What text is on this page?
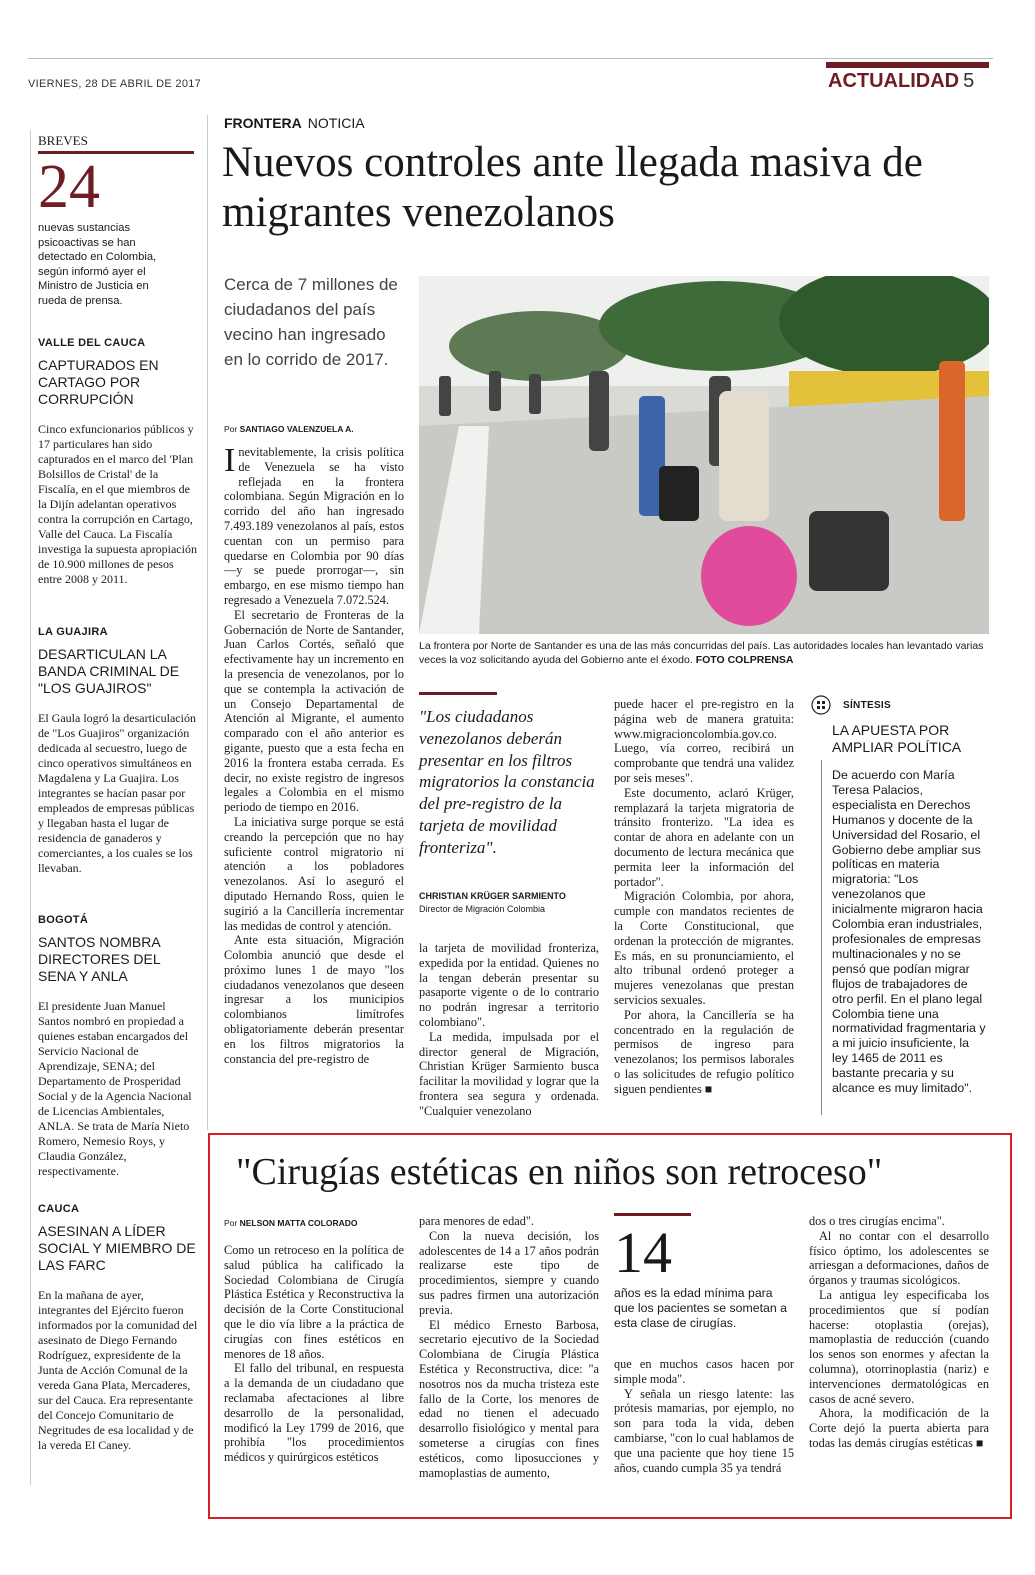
VIERNES, 28 DE ABRIL DE 2017	ACTUALIDAD 5
BREVES
24
nuevas sustancias psicoactivas se han detectado en Colombia, según informó ayer el Ministro de Justicia en rueda de prensa.
VALLE DEL CAUCA
CAPTURADOS EN CARTAGO POR CORRUPCIÓN
Cinco exfuncionarios públicos y 17 particulares han sido capturados en el marco del 'Plan Bolsillos de Cristal' de la Fiscalía, en el que miembros de la Dijín adelantan operativos contra la corrupción en Cartago, Valle del Cauca. La Fiscalía investiga la supuesta apropiación de 10.900 millones de pesos entre 2008 y 2011.
LA GUAJIRA
DESARTICULAN LA BANDA CRIMINAL DE "LOS GUAJIROS"
El Gaula logró la desarticulación de "Los Guajiros" organización dedicada al secuestro, luego de cinco operativos simultáneos en Magdalena y La Guajira. Los integrantes se hacían pasar por empleados de empresas públicas y llegaban hasta el lugar de residencia de ganaderos y comerciantes, a los cuales se los llevaban.
BOGOTÁ
SANTOS NOMBRA DIRECTORES DEL SENA Y ANLA
El presidente Juan Manuel Santos nombró en propiedad a quienes estaban encargados del Servicio Nacional de Aprendizaje, SENA; del Departamento de Prosperidad Social y de la Agencia Nacional de Licencias Ambientales, ANLA. Se trata de María Nieto Romero, Nemesio Roys, y Claudia González, respectivamente.
CAUCA
ASESINAN A LÍDER SOCIAL Y MIEMBRO DE LAS FARC
En la mañana de ayer, integrantes del Ejército fueron informados por la comunidad del asesinato de Diego Fernando Rodríguez, expresidente de la Junta de Acción Comunal de la vereda Gana Plata, Mercaderes, sur del Cauca. Era representante del Concejo Comunitario de Negritudes de esa localidad y de la vereda El Caney.
FRONTERA NOTICIA
Nuevos controles ante llegada masiva de migrantes venezolanos
Cerca de 7 millones de ciudadanos del país vecino han ingresado en lo corrido de 2017.
Por SANTIAGO VALENZUELA A.
La frontera por Norte de Santander es una de las más concurridas del país. Las autoridades locales han levantado varias veces la voz solicitando ayuda del Gobierno ante el éxodo. FOTO COLPRENSA

Inevitablemente, la crisis política de Venezuela se ha visto reflejada en la frontera colombiana. Según Migración en lo corrido del año han ingresado 7.493.189 venezolanos al país, estos cuentan con un permiso para quedarse en Colombia por 90 días —y se puede prorrogar—, sin embargo, en ese mismo tiempo han regresado a Venezuela 7.072.524.

El secretario de Fronteras de la Gobernación de Norte de Santander, Juan Carlos Cortés, señaló que efectivamente hay un incremento en la presencia de venezolanos, por lo que se contempla la activación de un Consejo Departamental de Atención al Migrante, el aumento comparado con el año anterior es gigante, puesto que a esta fecha en 2016 la frontera estaba cerrada. Es decir, no existe registro de ingresos legales a Colombia en el mismo periodo de tiempo en 2016.

La iniciativa surge porque se está creando la percepción que no hay suficiente control migratorio ni atención a los pobladores venezolanos. Así lo aseguró el diputado Hernando Ross, quien le sugirió a la Cancillería incrementar las medidas de control y atención.

Ante esta situación, Migración Colombia anunció que desde el próximo lunes 1 de mayo "los ciudadanos venezolanos que deseen ingresar a los municipios colombianos limítrofes obligatoriamente deberán presentar en los filtros migratorios la constancia del pre-registro de

"Los ciudadanos venezolanos deberán presentar en los filtros migratorios la constancia del pre-registro de la tarjeta de movilidad fronteriza".
CHRISTIAN KRÜGER SARMIENTO
Director de Migración Colombia

la tarjeta de movilidad fronteriza, expedida por la entidad. Quienes no la tengan deberán presentar su pasaporte vigente o de lo contrario no podrán ingresar a territorio colombiano".

La medida, impulsada por el director general de Migración, Christian Krüger Sarmiento busca facilitar la movilidad y lograr que la frontera sea segura y ordenada. "Cualquier venezolano

puede hacer el pre-registro en la página web de manera gratuita: www.migracioncolombia.gov.co. Luego, vía correo, recibirá un comprobante que tendrá una validez por seis meses".

Este documento, aclaró Krüger, remplazará la tarjeta migratoria de tránsito fronterizo. "La idea es contar de ahora en adelante con un documento de lectura mecánica que permita leer la información del portador".

Migración Colombia, por ahora, cumple con mandatos recientes de la Corte Constitucional, que ordenan la protección de migrantes. Es más, en su pronunciamiento, el alto tribunal ordenó proteger a mujeres venezolanas que prestan servicios sexuales.

Por ahora, la Cancillería se ha concentrado en la regulación de permisos de ingreso para venezolanos; los permisos laborales o las solicitudes de refugio político siguen pendientes ■

SÍNTESIS
LA APUESTA POR AMPLIAR POLÍTICA
De acuerdo con María Teresa Palacios, especialista en Derechos Humanos y docente de la Universidad del Rosario, el Gobierno debe ampliar sus políticas en materia migratoria: "Los venezolanos que inicialmente migraron hacia Colombia eran industriales, profesionales de empresas multinacionales y no se pensó que podían migrar flujos de trabajadores de otro perfil. En el plano legal Colombia tiene una normatividad fragmentaria y a mi juicio insuficiente, la ley 1465 de 2011 es bastante precaria y su alcance es muy limitado".
"Cirugías estéticas en niños son retroceso"
Por NELSON MATTA COLORADO

Como un retroceso en la política de salud pública ha calificado la Sociedad Colombiana de Cirugía Plástica Estética y Reconstructiva la decisión de la Corte Constitucional que le dio vía libre a la práctica de cirugías con fines estéticos en menores de 18 años.

El fallo del tribunal, en respuesta a la demanda de un ciudadano que reclamaba afectaciones al libre desarrollo de la personalidad, modificó la Ley 1799 de 2016, que prohibía "los procedimientos médicos y quirúrgicos estéticos

para menores de edad".

Con la nueva decisión, los adolescentes de 14 a 17 años podrán realizarse este tipo de procedimientos, siempre y cuando sus padres firmen una autorización previa.

El médico Ernesto Barbosa, secretario ejecutivo de la Sociedad Colombiana de Cirugía Plástica Estética y Reconstructiva, dice: "a nosotros nos da mucha tristeza este fallo de la Corte, los menores de edad no tienen el adecuado desarrollo fisiológico y mental para someterse a cirugías con fines estéticos, como liposucciones y mamoplastias de aumento,

14
años es la edad mínima para que los pacientes se sometan a esta clase de cirugías.

que en muchos casos hacen por simple moda".

Y señala un riesgo latente: las prótesis mamarias, por ejemplo, no son para toda la vida, deben cambiarse, "con lo cual hablamos de que una paciente que hoy tiene 15 años, cuando cumpla 35 ya tendrá

dos o tres cirugías encima".

Al no contar con el desarrollo físico óptimo, los adolescentes se arriesgan a deformaciones, daños de órganos y traumas sicológicos.

La antigua ley especificaba los procedimientos que sí podían hacerse: otoplastia (orejas), mamoplastia de reducción (cuando los senos son enormes y afectan la columna), otorrinoplastia (nariz) e intervenciones dermatológicas en casos de acné severo.

Ahora, la modificación de la Corte dejó la puerta abierta para todas las demás cirugías estéticas ■
